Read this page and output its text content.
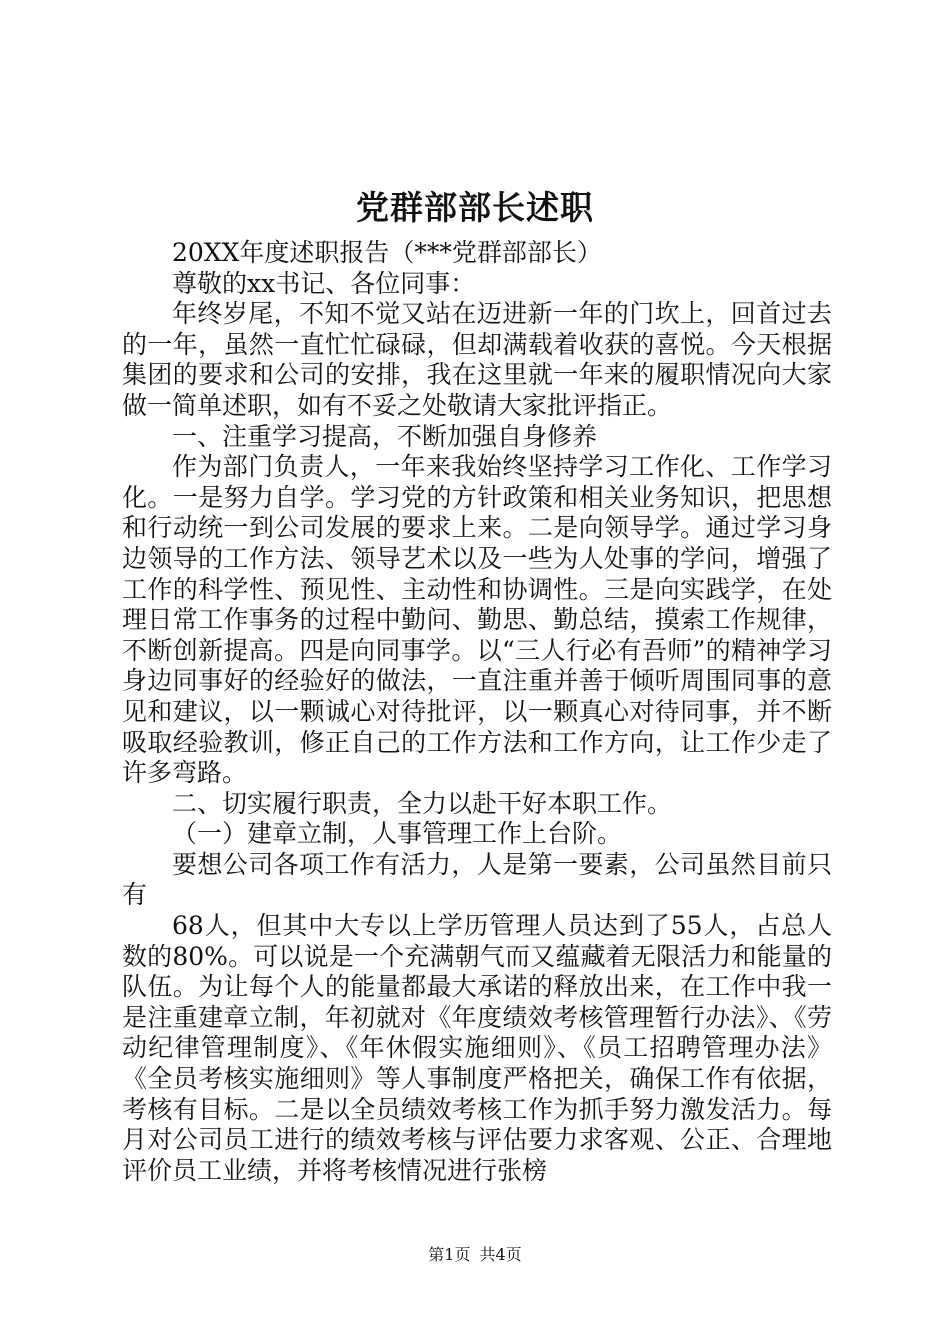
党群部部长述职

20XX年度述职报告（***党群部部长）

尊敬的xx书记、各位同事：

年终岁尾，不知不觉又站在迈进新一年的门坎上，回首过去的一年，虽然一直忙忙碌碌，但却满载着收获的喜悦。今天根据集团的要求和公司的安排，我在这里就一年来的履职情况向大家做一简单述职，如有不妥之处敬请大家批评指正。

一、注重学习提高，不断加强自身修养

作为部门负责人，一年来我始终坚持学习工作化、工作学习化。一是努力自学。学习党的方针政策和相关业务知识，把思想和行动统一到公司发展的要求上来。二是向领导学。通过学习身边领导的工作方法、领导艺术以及一些为人处事的学问，增强了工作的科学性、预见性、主动性和协调性。三是向实践学，在处理日常工作事务的过程中勤问、勤思、勤总结，摸索工作规律，不断创新提高。四是向同事学。以“三人行必有吾师”的精神学习身边同事好的经验好的做法，一直注重并善于倾听周围同事的意见和建议，以一颗诚心对待批评，以一颗真心对待同事，并不断吸取经验教训，修正自己的工作方法和工作方向，让工作少走了许多弯路。

二、切实履行职责，全力以赴干好本职工作。

（一）建章立制，人事管理工作上台阶。

要想公司各项工作有活力，人是第一要素，公司虽然目前只有

68人，但其中大专以上学历管理人员达到了55人，占总人数的80%。可以说是一个充满朝气而又蕴藏着无限活力和能量的队伍。为让每个人的能量都最大承诺的释放出来，在工作中我一是注重建章立制，年初就对《年度绩效考核管理暂行办法》、《劳动纪律管理制度》、《年休假实施细则》、《员工招聘管理办法》《全员考核实施细则》等人事制度严格把关，确保工作有依据，考核有目标。二是以全员绩效考核工作为抓手努力激发活力。每月对公司员工进行的绩效考核与评估要力求客观、公正、合理地评价员工业绩，并将考核情况进行张榜

第1页 共4页
